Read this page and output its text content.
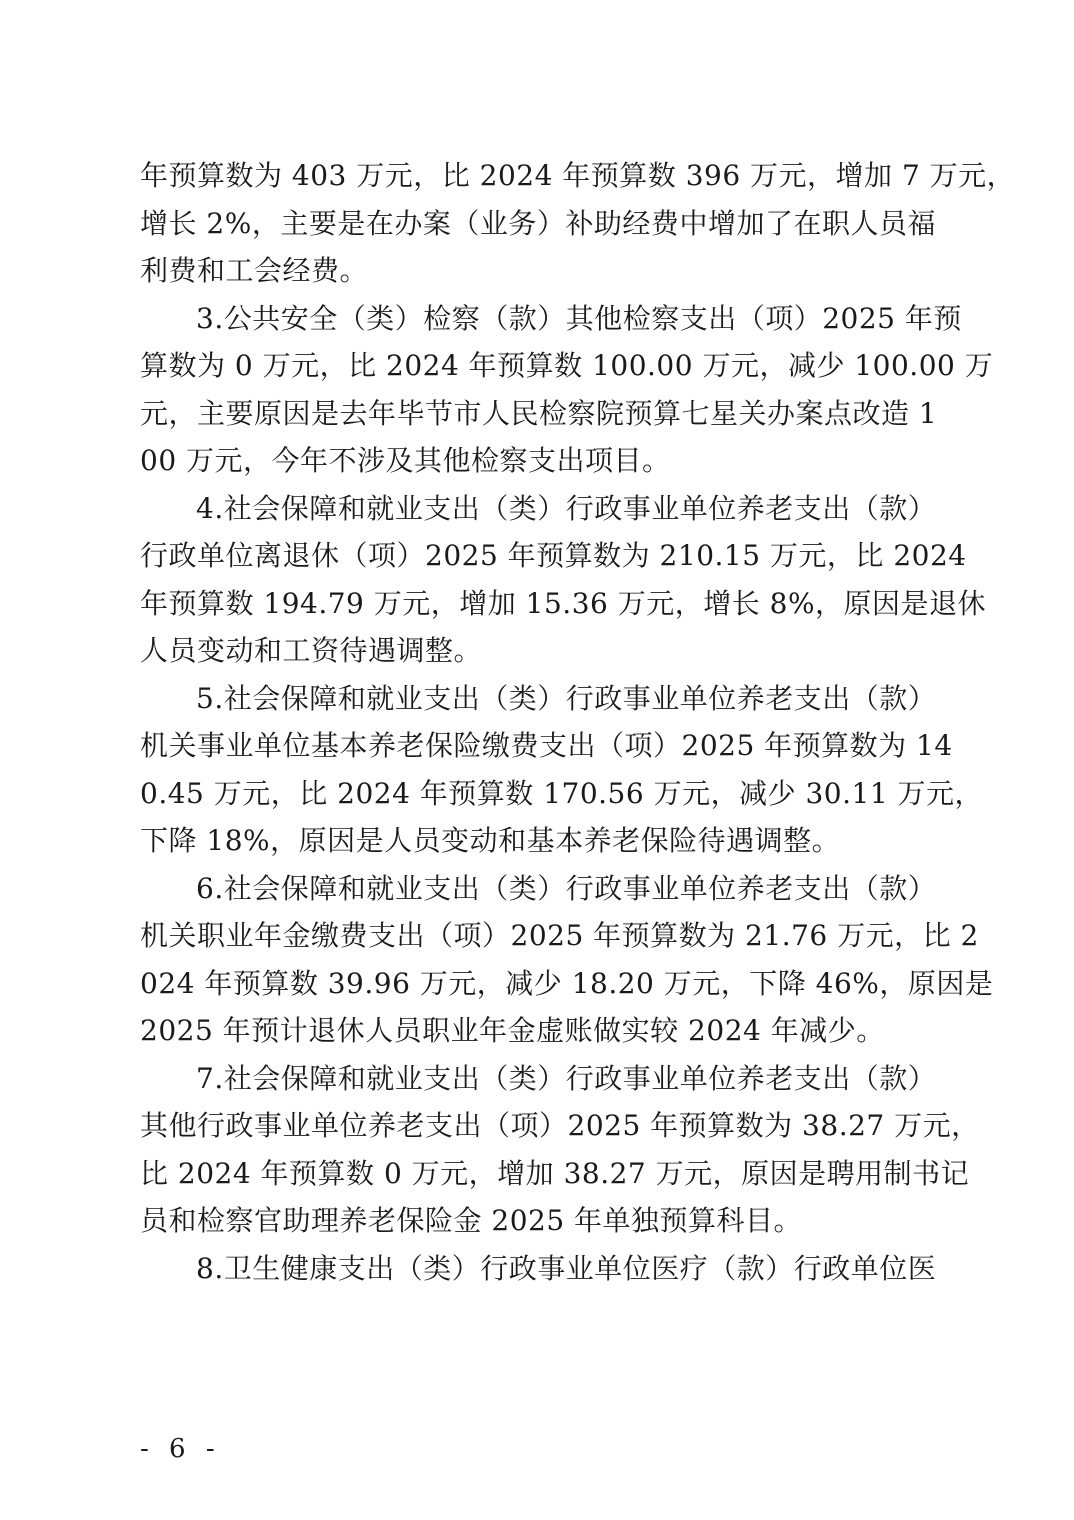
年预算数为 403 万元，比 2024 年预算数 396 万元，增加 7 万元，
增长 2%，主要是在办案（业务）补助经费中增加了在职人员福
利费和工会经费。
3.公共安全（类）检察（款）其他检察支出（项）2025 年预
算数为 0 万元，比 2024 年预算数 100.00 万元，减少 100.00 万
元，主要原因是去年毕节市人民检察院预算七星关办案点改造 1
00 万元，今年不涉及其他检察支出项目。
4.社会保障和就业支出（类）行政事业单位养老支出（款）
行政单位离退休（项）2025 年预算数为 210.15 万元，比 2024
年预算数 194.79 万元，增加 15.36 万元，增长 8%，原因是退休
人员变动和工资待遇调整。
5.社会保障和就业支出（类）行政事业单位养老支出（款）
机关事业单位基本养老保险缴费支出（项）2025 年预算数为 14
0.45 万元，比 2024 年预算数 170.56 万元，减少 30.11 万元，
下降 18%，原因是人员变动和基本养老保险待遇调整。
6.社会保障和就业支出（类）行政事业单位养老支出（款）
机关职业年金缴费支出（项）2025 年预算数为 21.76 万元，比 2
024 年预算数 39.96 万元，减少 18.20 万元，下降 46%，原因是
2025 年预计退休人员职业年金虚账做实较 2024 年减少。
7.社会保障和就业支出（类）行政事业单位养老支出（款）
其他行政事业单位养老支出（项）2025 年预算数为 38.27 万元，
比 2024 年预算数 0 万元，增加 38.27 万元，原因是聘用制书记
员和检察官助理养老保险金 2025 年单独预算科目。
8.卫生健康支出（类）行政事业单位医疗（款）行政单位医
- 6 -
